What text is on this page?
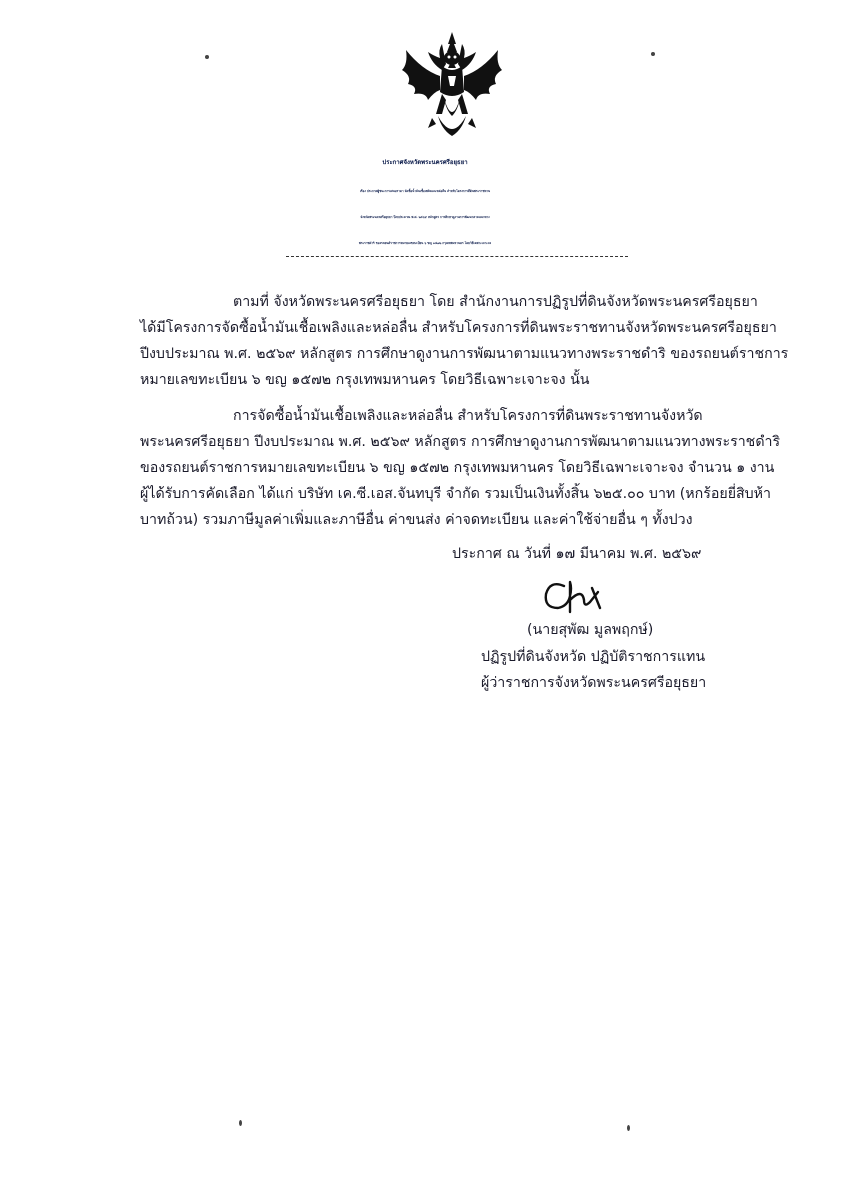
ประกาศจังหวัดพระนครศรีอยุธยา
เรื่อง ประกาศผู้ชนะการเสนอราคา จัดซื้อน้ำมันเชื้อเพลิงและหล่อลื่น สำหรับโครงการที่ดินพระราชทาน
จังหวัดพระนครศรีอยุธยา ปีงบประมาณ พ.ศ. ๒๕๖๙ หลักสูตร การศึกษาดูงานการพัฒนาตามแนวทาง
พระราชดำริ ของรถยนต์ราชการหมายเลขทะเบียน ๖ ขญ ๑๕๗๒ กรุงเทพมหานคร โดยวิธีเฉพาะเจาะจง
ตามที่ จังหวัดพระนครศรีอยุธยา โดย สำนักงานการปฏิรูปที่ดินจังหวัดพระนครศรีอยุธยา
ได้มีโครงการจัดซื้อน้ำมันเชื้อเพลิงและหล่อลื่น สำหรับโครงการที่ดินพระราชทานจังหวัดพระนครศรีอยุธยา
ปีงบประมาณ พ.ศ. ๒๕๖๙ หลักสูตร การศึกษาดูงานการพัฒนาตามแนวทางพระราชดำริ ของรถยนต์ราชการ
หมายเลขทะเบียน ๖ ขญ ๑๕๗๒ กรุงเทพมหานคร โดยวิธีเฉพาะเจาะจง นั้น
การจัดซื้อน้ำมันเชื้อเพลิงและหล่อลื่น สำหรับโครงการที่ดินพระราชทานจังหวัด
พระนครศรีอยุธยา ปีงบประมาณ พ.ศ. ๒๕๖๙ หลักสูตร การศึกษาดูงานการพัฒนาตามแนวทางพระราชดำริ
ของรถยนต์ราชการหมายเลขทะเบียน ๖ ขญ ๑๕๗๒ กรุงเทพมหานคร โดยวิธีเฉพาะเจาะจง จำนวน ๑ งาน
ผู้ได้รับการคัดเลือก ได้แก่ บริษัท เค.ซี.เอส.จันทบุรี จำกัด รวมเป็นเงินทั้งสิ้น ๖๒๕.๐๐ บาท (หกร้อยยี่สิบห้า
บาทถ้วน) รวมภาษีมูลค่าเพิ่มและภาษีอื่น ค่าขนส่ง ค่าจดทะเบียน และค่าใช้จ่ายอื่น ๆ ทั้งปวง
ประกาศ ณ วันที่ ๑๗ มีนาคม พ.ศ. ๒๕๖๙
(นายสุพัฒ มูลพฤกษ์)
ปฏิรูปที่ดินจังหวัด ปฏิบัติราชการแทน
ผู้ว่าราชการจังหวัดพระนครศรีอยุธยา
